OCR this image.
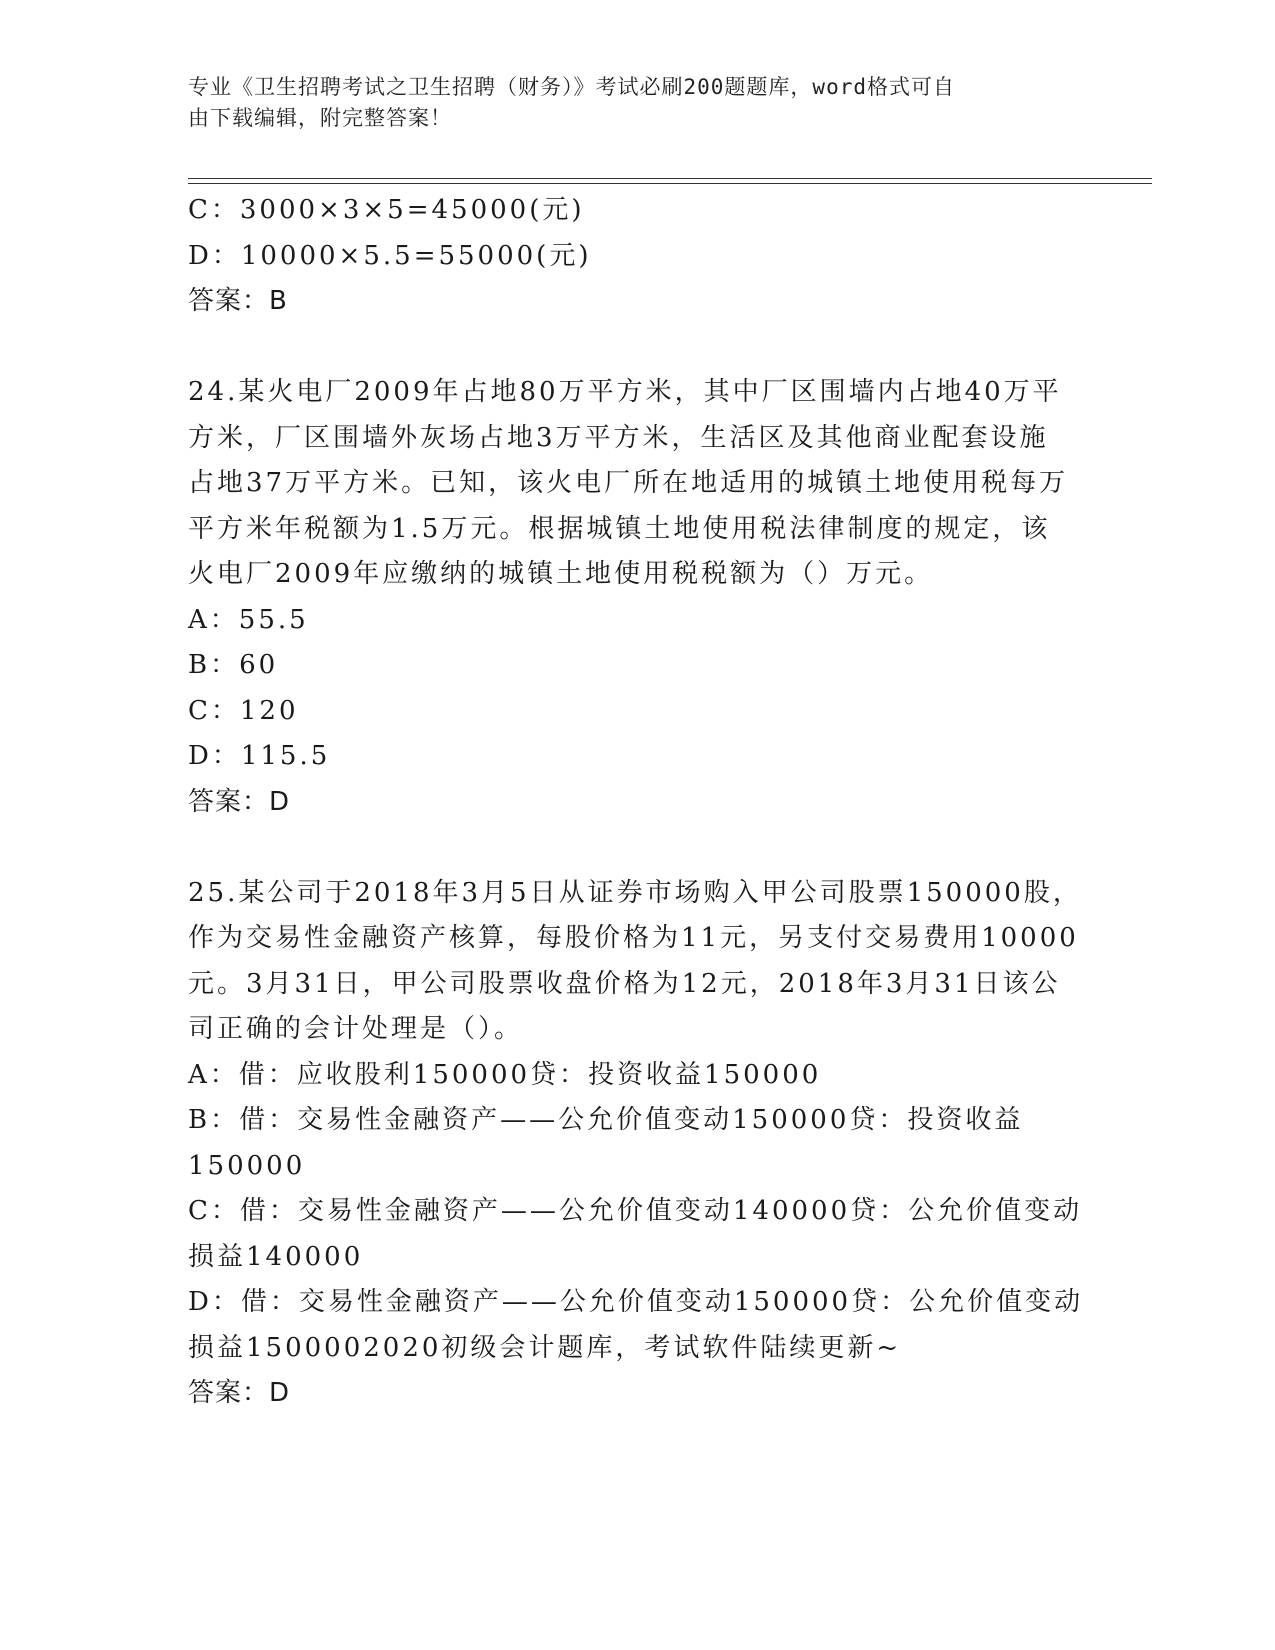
专业《卫生招聘考试之卫生招聘（财务）》考试必刷200题题库，word格式可自
由下载编辑，附完整答案！
C：3000×3×5=45000(元)
D：10000×5.5=55000(元)
答案：B
24.某火电厂2009年占地80万平方米，其中厂区围墙内占地40万平
方米，厂区围墙外灰场占地3万平方米，生活区及其他商业配套设施
占地37万平方米。已知，该火电厂所在地适用的城镇土地使用税每万
平方米年税额为1.5万元。根据城镇土地使用税法律制度的规定，该
火电厂2009年应缴纳的城镇土地使用税税额为（）万元。
A：55.5
B：60
C：120
D：115.5
答案：D
25.某公司于2018年3月5日从证券市场购入甲公司股票150000股，
作为交易性金融资产核算，每股价格为11元，另支付交易费用10000
元。3月31日，甲公司股票收盘价格为12元，2018年3月31日该公
司正确的会计处理是（）。
A：借：应收股利150000贷：投资收益150000
B：借：交易性金融资产——公允价值变动150000贷：投资收益
150000
C：借：交易性金融资产——公允价值变动140000贷：公允价值变动
损益140000
D：借：交易性金融资产——公允价值变动150000贷：公允价值变动
损益1500002020初级会计题库，考试软件陆续更新~
答案：D
